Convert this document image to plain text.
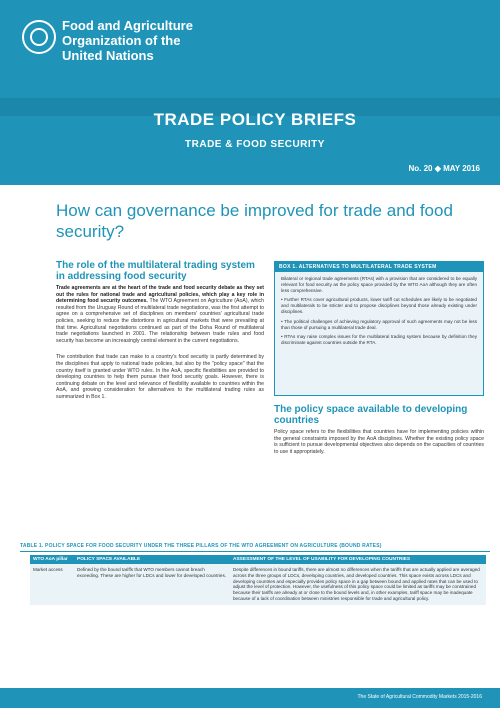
Food and Agriculture
Organization of the
United Nations
TRADE POLICY BRIEFS
TRADE & FOOD SECURITY
No. 20 ◆ MAY 2016
How can governance be improved for trade and food security?
The role of the multilateral trading system in addressing food security

Trade agreements are at the heart of the trade and food security debate as they set out the rules for national trade and agricultural policies, which play a key role in determining food security outcomes. The WTO Agreement on Agriculture (AoA), which resulted from the Uruguay Round of multilateral trade negotiations, was the first attempt to agree on a comprehensive set of disciplines on members' countries' agricultural trade policies, seeking to reduce the distortions in agricultural markets that were prevailing at that time. Agricultural negotiations continued as part of the Doha Round of multilateral trade negotiations launched in 2001. The relationship between trade rules and food security has become an increasingly central element in the current negotiations.

The contribution that trade can make to a country's food security is partly determined by the disciplines that apply to national trade policies, but also by the "policy space" that the country itself is granted under WTO rules. In the AoA, specific flexibilities are provided to developing countries to help them pursue their food security goals. However, there is continuing debate on the level and relevance of flexibility available to countries within the AoA, and growing consideration for alternatives to the multilateral trading rules as summarized in Box 1.

BOX 1. ALTERNATIVES TO MULTILATERAL TRADE SYSTEM

Bilateral or regional trade agreements (RTAs) with a provision that are considered to be equally relevant for food security as the policy space provided by the WTO AoA although they are often less comprehensive.

• Further RTAs cover agricultural products, lower tariff cut schedules are likely to be negotiated and multilaterals to be stricter and to propose disciplines beyond those already existing under disciplines.

• The political challenges of achieving regulatory approval of such agreements may not be less than those of pursuing a multilateral trade deal.

• RTAs may raise complex issues for the multilateral trading system because by definition they discriminate against countries outside the RTA.

The policy space available to developing countries

Policy space refers to the flexibilities that countries have for implementing policies within the general constraints imposed by the AoA disciplines. Whether the existing policy space is sufficient to pursue developmental objectives also depends on the capacities of countries to use it appropriately.

TABLE 1. POLICY SPACE FOR FOOD SECURITY UNDER THE THREE PILLARS OF THE WTO AGREEMENT ON AGRICULTURE (BOUND RATES)
WTO AoA pillar	POLICY SPACE AVAILABLE	ASSESSMENT OF THE LEVEL OF USABILITY FOR DEVELOPING COUNTRIES
Market access	Defined by the bound tariffs that WTO members cannot breach exceeding. These are higher for LDCs and lower for developed countries.	Despite differences in bound tariffs, there are almost no differences when the tariffs that are actually applied are averaged across the three groups of LDCs, developing countries, and developed countries. This space exists across LDCs and developing countries and especially provides policy space in a gap between bound and applied rates that can be used to adjust the level of protection. However, the usefulness of this policy space could be limited as tariffs may be constrained because their tariffs are already at or close to the bound levels and, in other examples, tariff space may be inadequate because of a lack of coordination between ministries responsible for trade and agricultural policy.
The State of Agricultural Commodity Markets 2015-2016
